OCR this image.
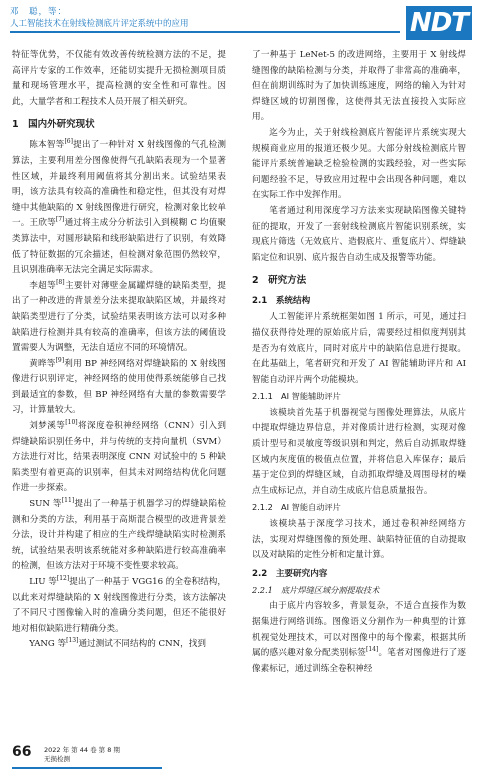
邓　聪，等：
人工智能技术在射线检测底片评定系统中的应用	NDT

特征等优势，不仅能有效改善传统检测方法的不足，提高评片专家的工作效率，还能切实提升无损检测项目质量和现场管理水平，提高检测的安全性和可靠性。因此，大量学者和工程技术人员开展了相关研究。

1　国内外研究现状

陈本智等[6]提出了一种针对 X 射线图像的气孔检测算法，主要利用差分图像使得气孔缺陷表现为一个显著性区域，并最终利用阈值将其分割出来。试验结果表明，该方法具有较高的准确性和稳定性，但其没有对焊缝中其他缺陷的 X 射线图像进行研究，检测对象比较单一。王欣等[7]通过将主成分分析法引入到模糊 C 均值聚类算法中，对圆形缺陷和线形缺陷进行了识别，有效降低了特征数据的冗余描述，但检测对象范围仍然较窄，且识别准确率无法完全满足实际需求。

李超等[8]主要针对薄壁金属罐焊缝的缺陷类型，提出了一种改进的背景差分法来提取缺陷区域，并最终对缺陷类型进行了分类，试验结果表明该方法可以对多种缺陷进行检测并具有较高的准确率，但该方法的阈值设置需要人为调整，无法自适应不同的环境情况。

黄晔等[9]利用 BP 神经网络对焊缝缺陷的 X 射线图像进行识别评定，神经网络的使用使得系统能够自己找到最适宜的参数，但 BP 神经网络有大量的参数需要学习，计算量较大。

刘梦溪等[10]将深度卷积神经网络（CNN）引入到焊缝缺陷识别任务中，并与传统的支持向量机（SVM）方法进行对比，结果表明深度 CNN 对试验中的 5 种缺陷类型有着更高的识别率，但其未对网络结构优化问题作进一步探索。

SUN 等[11]提出了一种基于机器学习的焊缝缺陷检测和分类的方法，利用基于高斯混合模型的改进背景差分法，设计并构建了相应的生产线焊缝缺陷实时检测系统，试验结果表明该系统能对多种缺陷进行较高准确率的检测，但该方法对于环境不变性要求较高。

LIU 等[12]提出了一种基于 VGG16 的全卷积结构，以此来对焊缝缺陷的 X 射线图像进行分类，该方法解决了不同尺寸图像输入时的准确分类问题，但还不能很好地对相似缺陷进行精确分类。

YANG 等[13]通过测试不同结构的 CNN，找到

了一种基于 LeNet-5 的改进网络，主要用于 X 射线焊缝图像的缺陷检测与分类，并取得了非常高的准确率，但在前期训练时为了加快训练速度，网络的输入为针对焊缝区域的切割图像，这使得其无法直接投入实际应用。

迄今为止，关于射线检测底片智能评片系统实现大规模商业应用的报道还极少见。大部分射线检测底片智能评片系统普遍缺乏检验检测的实践经验，对一些实际问题经验不足，导致应用过程中会出现各种问题，难以在实际工作中发挥作用。

笔者通过利用深度学习方法来实现缺陷图像关键特征的提取，开发了一套射线检测底片智能识别系统，实现底片筛选（无效底片、造假底片、重复底片）、焊缝缺陷定位和识别、底片报告自动生成及报警等功能。

2　研究方法
2.1　系统结构

人工智能评片系统框架如图 1 所示，可见，通过扫描仪获得待处理的原始底片后，需要经过相似度判别其是否为有效底片，同时对底片中的缺陷信息进行提取。在此基础上，笔者研究和开发了 AI 智能辅助评片和 AI 智能自动评片两个功能模块。

2.1.1　AI 智能辅助评片

该模块首先基于机器视觉与图像处理算法，从底片中提取焊缝边界信息，并对像质计进行检测，实现对像质计型号和灵敏度等级识别和判定，然后自动抓取焊缝区域内灰度值的极值点位置，并将信息入库保存；最后基于定位到的焊缝区域，自动抓取焊缝及周围母材的噪点生成标记点，并自动生成底片信息质量报告。

2.1.2　AI 智能自动评片

该模块基于深度学习技术，通过卷积神经网络方法，实现对焊缝图像的预处理、缺陷特征值的自动提取以及对缺陷的定性分析和定量计算。

2.2　主要研究内容
2.2.1　底片焊缝区域分割提取技术

由于底片内容较多，背景复杂，不适合直接作为数据集进行网络训练。图像语义分割作为一种典型的计算机视觉处理技术，可以对图像中的每个像素，根据其所属的感兴趣对象分配类别标签[14]。笔者对图像进行了逐像素标记，通过训练全卷积神经

66 2022 年 第 44 卷 第 8 期
无损检测
